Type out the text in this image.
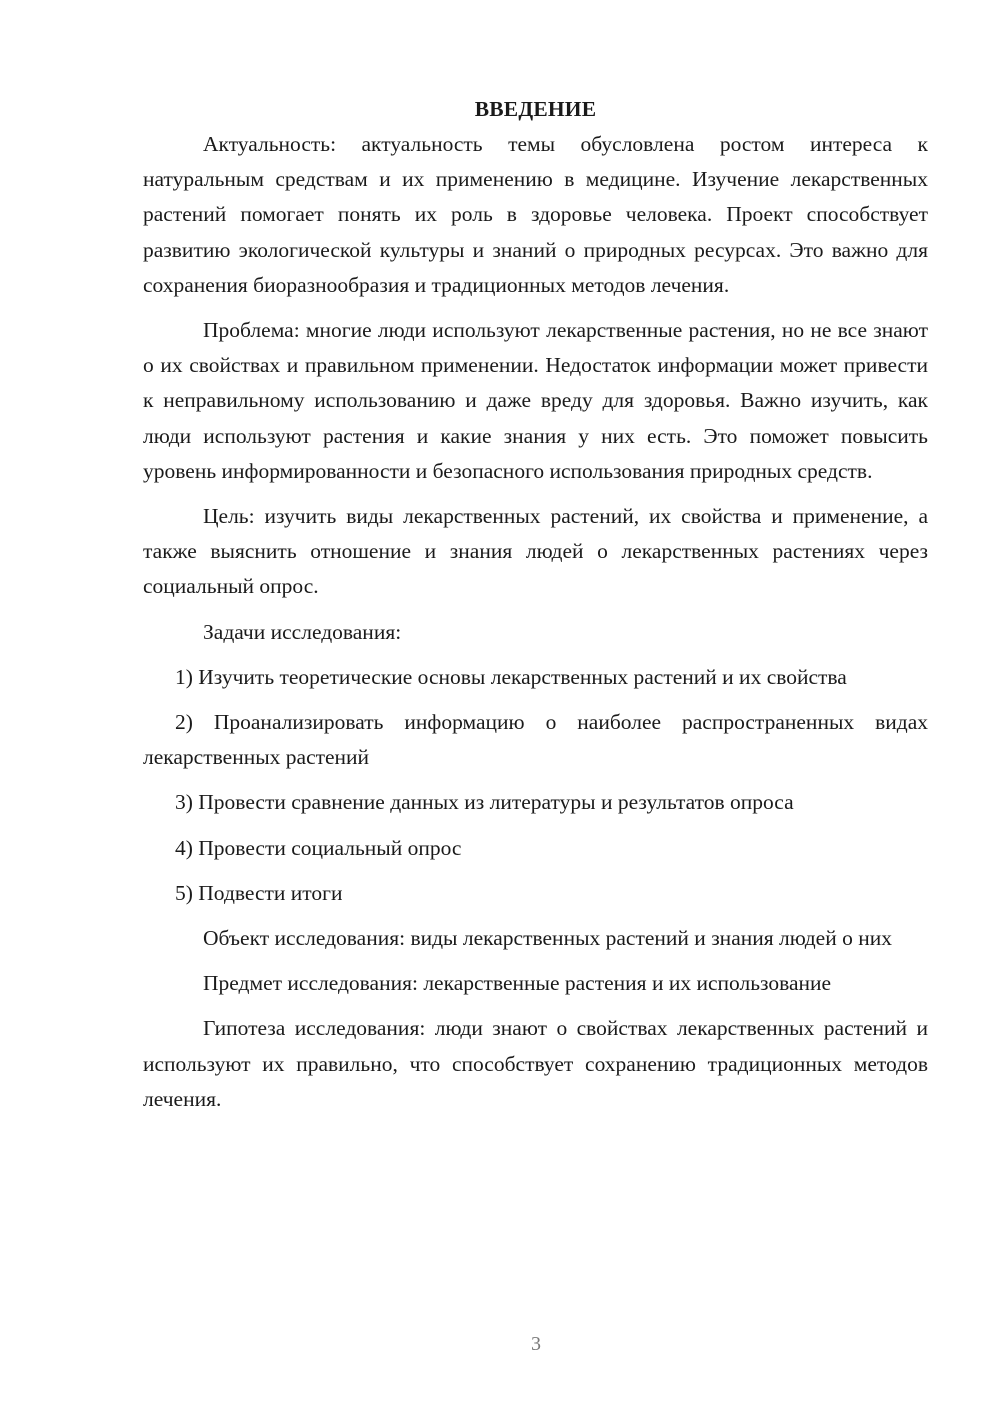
ВВЕДЕНИЕ

Актуальность: актуальность темы обусловлена ростом интереса к натуральным средствам и их применению в медицине. Изучение лекарственных растений помогает понять их роль в здоровье человека. Проект способствует развитию экологической культуры и знаний о природных ресурсах. Это важно для сохранения биоразнообразия и традиционных методов лечения.

Проблема: многие люди используют лекарственные растения, но не все знают о их свойствах и правильном применении. Недостаток информации может привести к неправильному использованию и даже вреду для здоровья. Важно изучить, как люди используют растения и какие знания у них есть. Это поможет повысить уровень информированности и безопасного использования природных средств.

Цель: изучить виды лекарственных растений, их свойства и применение, а также выяснить отношение и знания людей о лекарственных растениях через социальный опрос.

Задачи исследования:

1) Изучить теоретические основы лекарственных растений и их свойства

2) Проанализировать информацию о наиболее распространенных видах лекарственных растений

3) Провести сравнение данных из литературы и результатов опроса

4) Провести социальный опрос

5) Подвести итоги

Объект исследования: виды лекарственных растений и знания людей о них

Предмет исследования: лекарственные растения и их использование

Гипотеза исследования: люди знают о свойствах лекарственных растений и используют их правильно, что способствует сохранению традиционных методов лечения.

3
